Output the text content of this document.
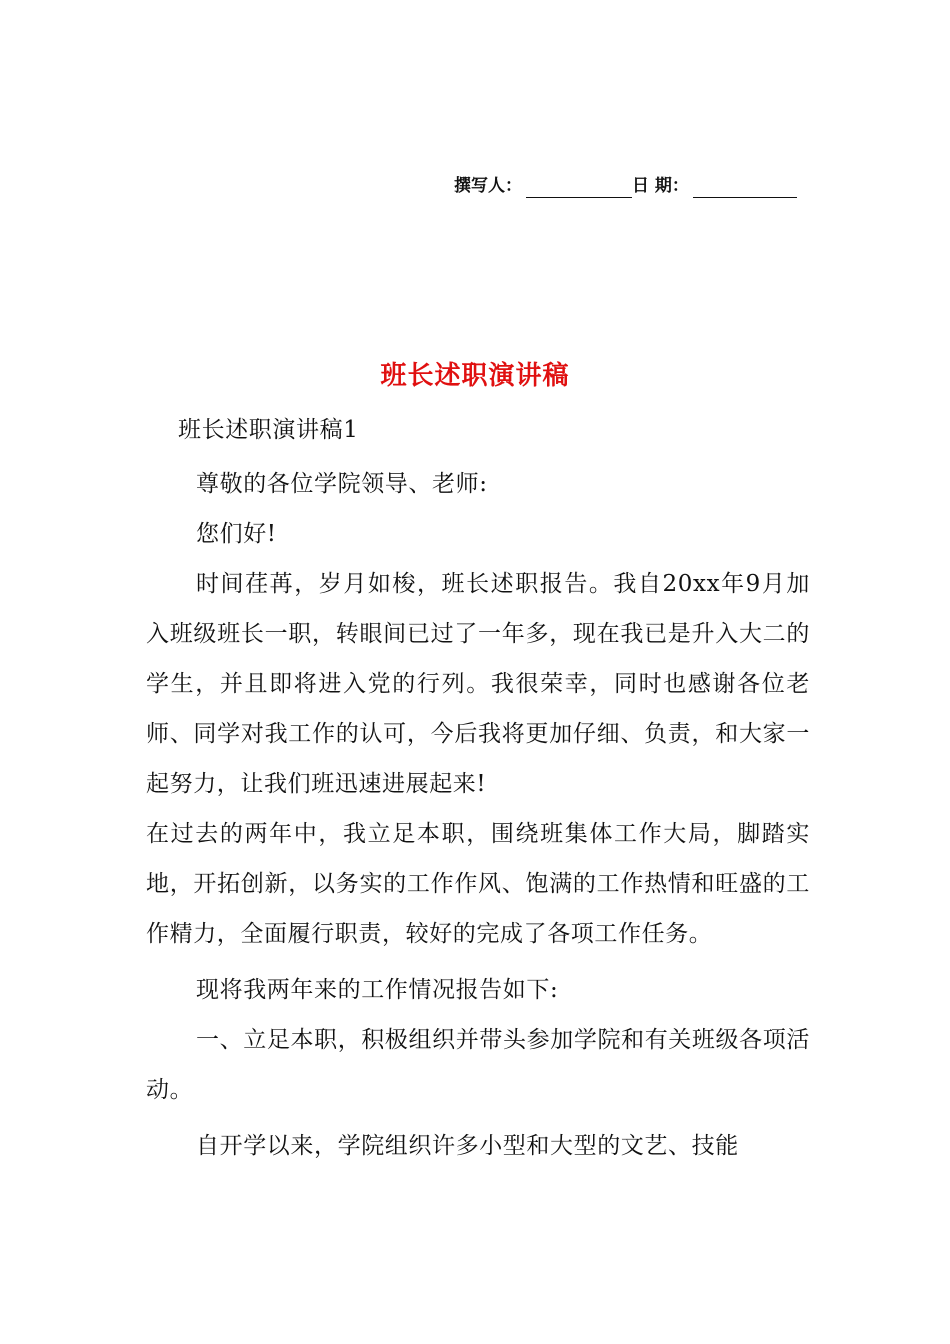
撰写人：	日 期：
班长述职演讲稿

班长述职演讲稿1

尊敬的各位学院领导、老师:

您们好!

时间荏苒，岁月如梭，班长述职报告。我自20xx年9月加入班级班长一职，转眼间已过了一年多，现在我已是升入大二的学生，并且即将进入党的行列。我很荣幸，同时也感谢各位老师、同学对我工作的认可，今后我将更加仔细、负责，和大家一起努力，让我们班迅速进展起来!

在过去的两年中，我立足本职，围绕班集体工作大局，脚踏实地，开拓创新，以务实的工作作风、饱满的工作热情和旺盛的工作精力，全面履行职责，较好的完成了各项工作任务。

现将我两年来的工作情况报告如下:

一、立足本职，积极组织并带头参加学院和有关班级各项活动。

自开学以来，学院组织许多小型和大型的文艺、技能
